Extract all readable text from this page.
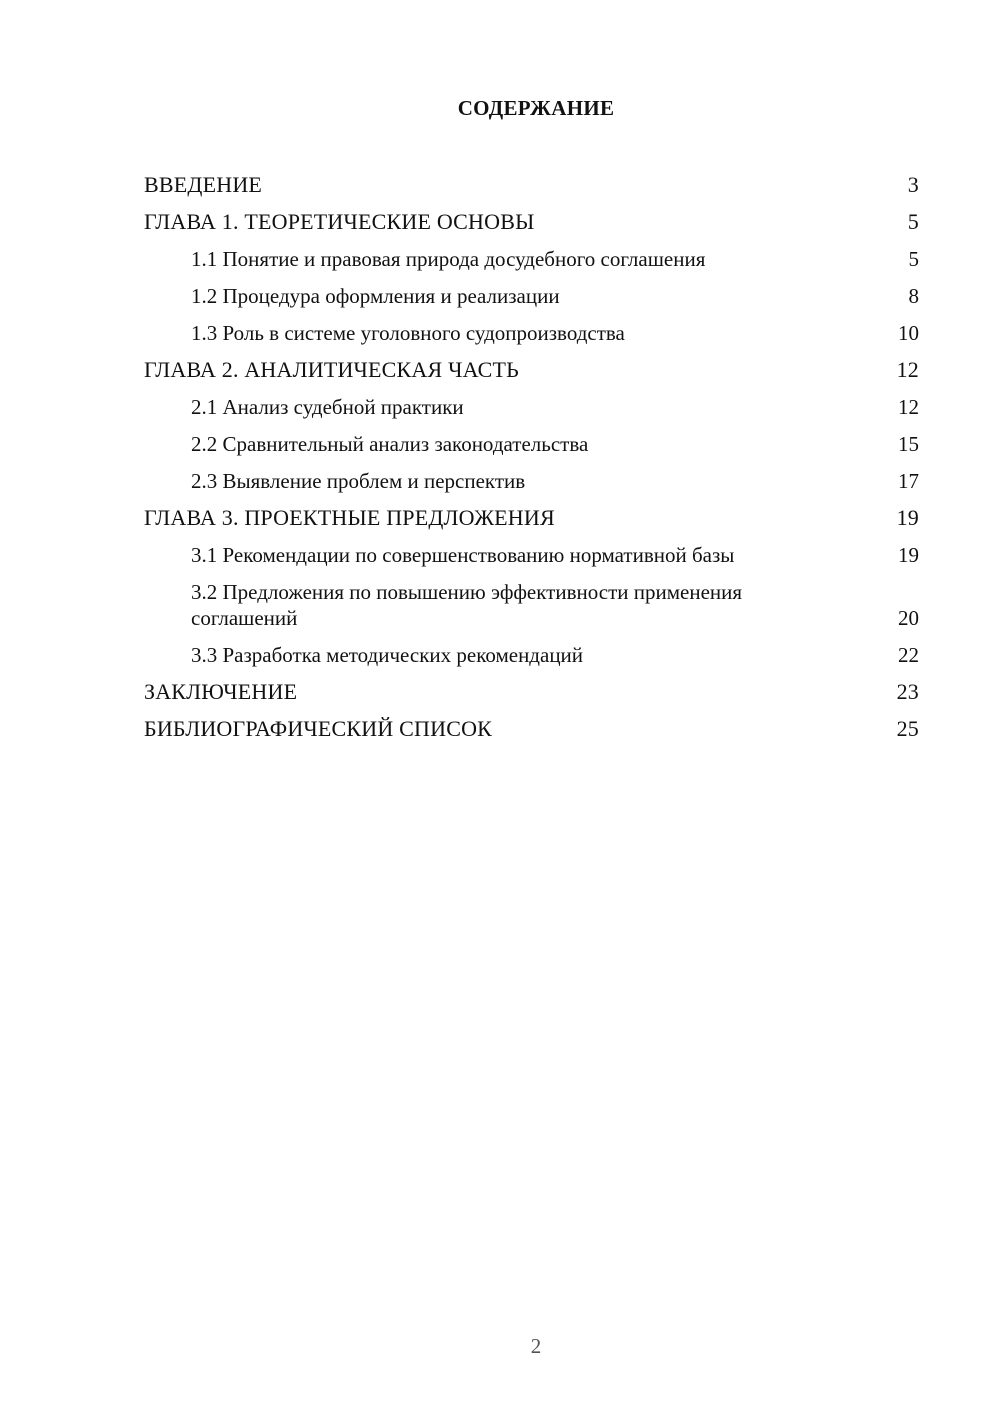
СОДЕРЖАНИЕ
ВВЕДЕНИЕ	3
ГЛАВА 1. ТЕОРЕТИЧЕСКИЕ ОСНОВЫ	5
1.1 Понятие и правовая природа досудебного соглашения	5
1.2 Процедура оформления и реализации	8
1.3 Роль в системе уголовного судопроизводства	10
ГЛАВА 2. АНАЛИТИЧЕСКАЯ ЧАСТЬ	12
2.1 Анализ судебной практики	12
2.2 Сравнительный анализ законодательства	15
2.3 Выявление проблем и перспектив	17
ГЛАВА 3. ПРОЕКТНЫЕ ПРЕДЛОЖЕНИЯ	19
3.1 Рекомендации по совершенствованию нормативной базы	19
3.2 Предложения по повышению эффективности применения соглашений	20
3.3 Разработка методических рекомендаций	22
ЗАКЛЮЧЕНИЕ	23
БИБЛИОГРАФИЧЕСКИЙ СПИСОК	25
2
